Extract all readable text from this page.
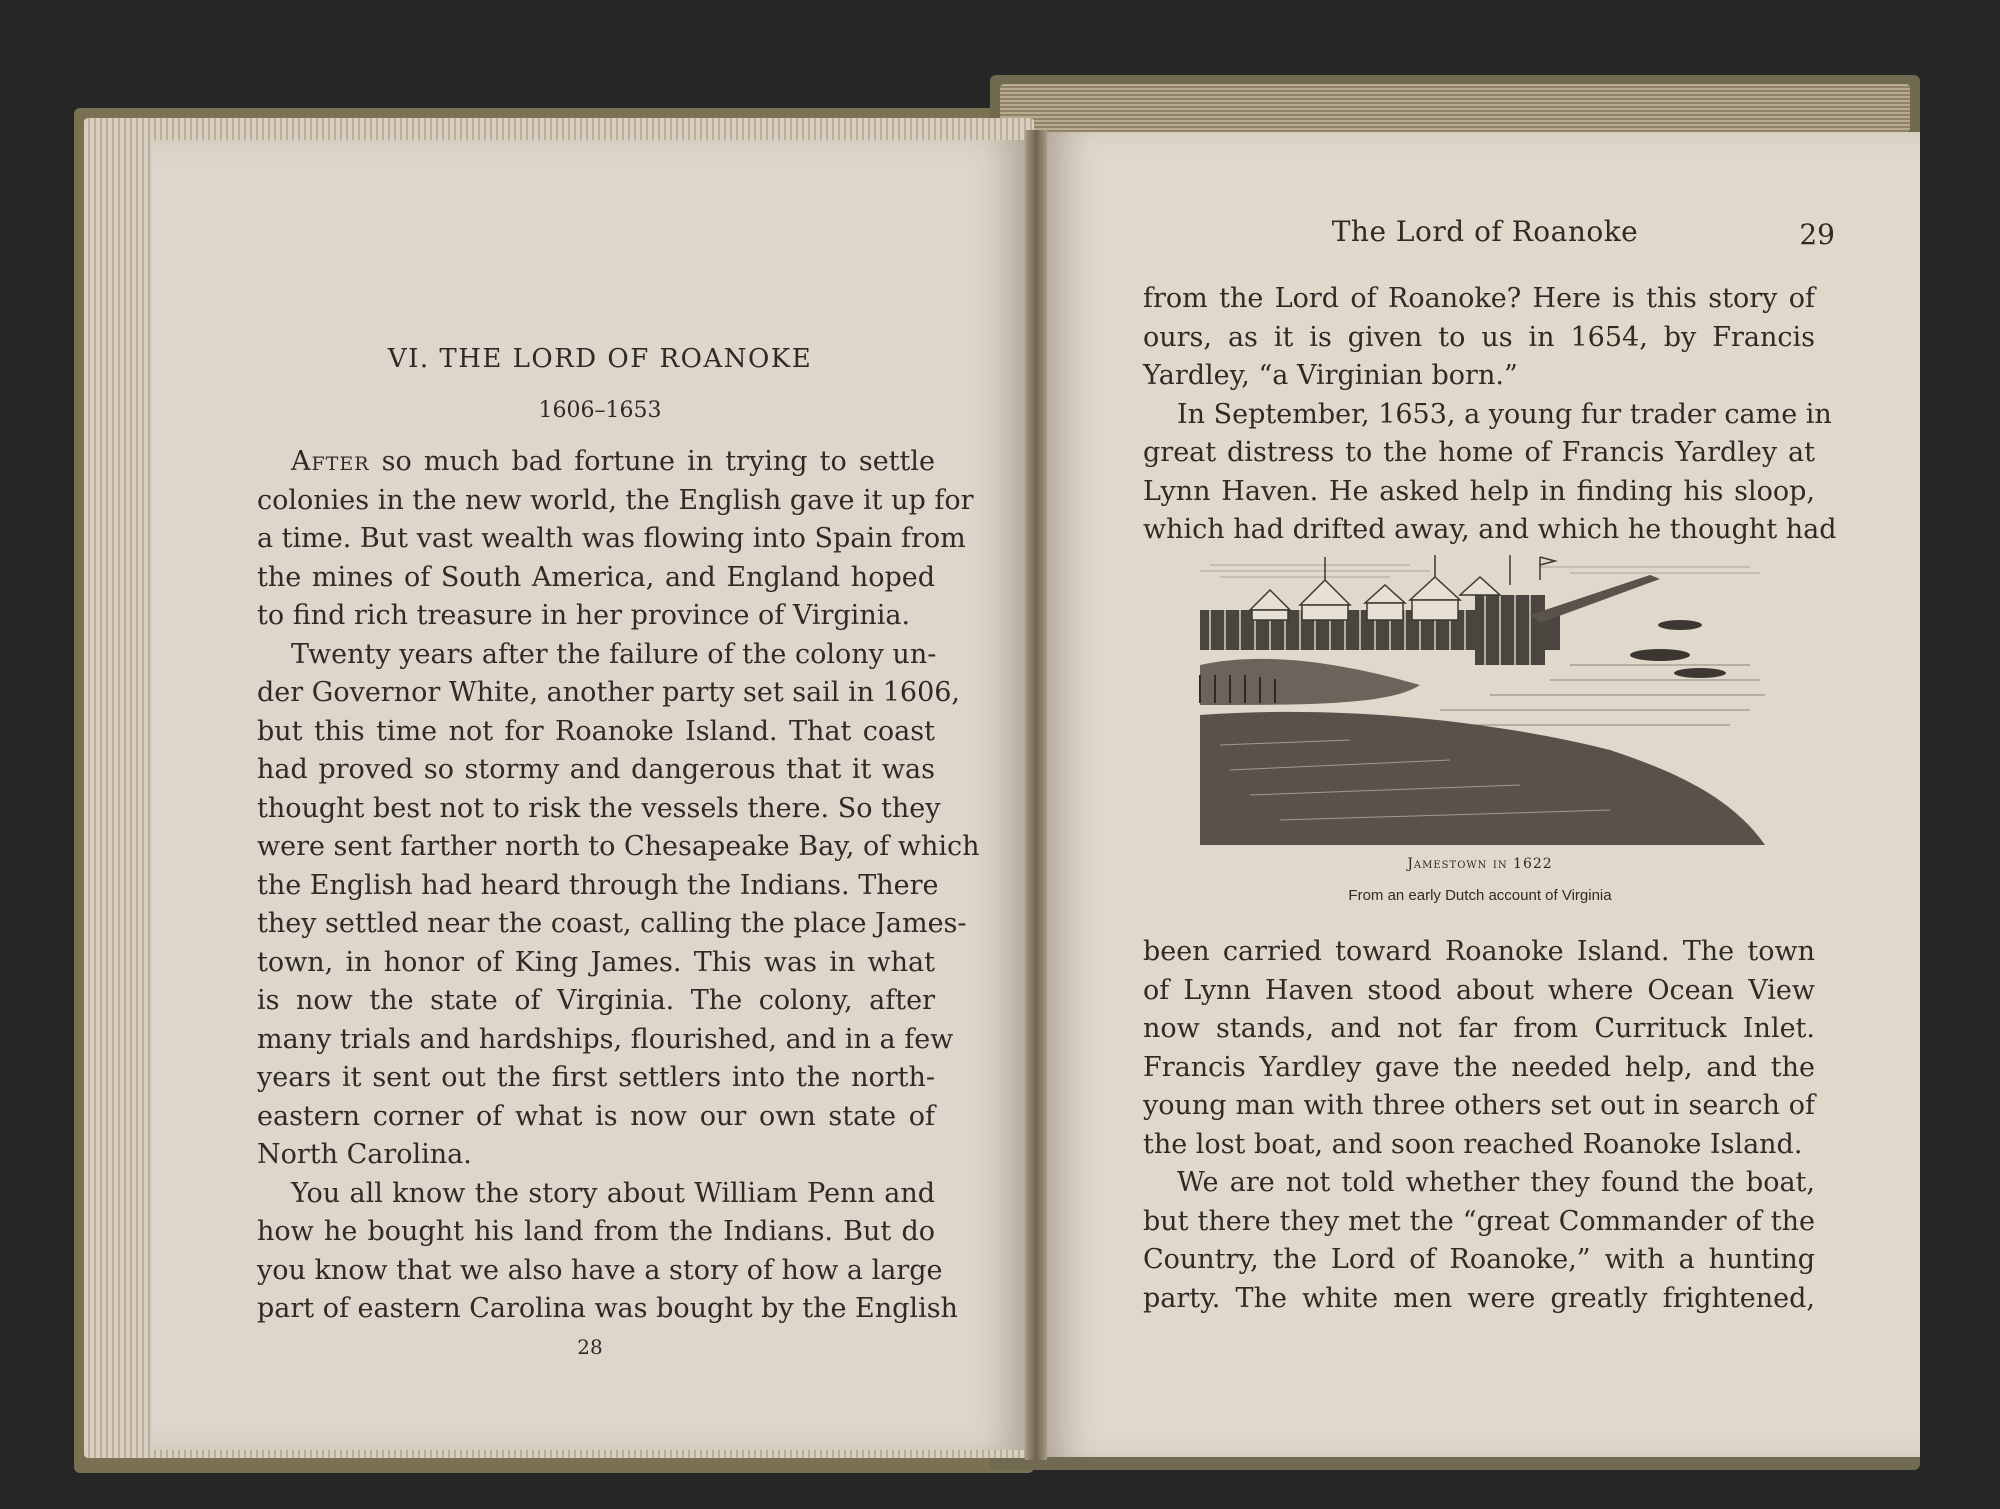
VI. THE LORD OF ROANOKE
1606–1653
After so much bad fortune in trying to settle
colonies in the new world, the English gave it up for
a time. But vast wealth was flowing into Spain from
the mines of South America, and England hoped
to find rich treasure in her province of Virginia.
Twenty years after the failure of the colony un-
der Governor White, another party set sail in 1606,
but this time not for Roanoke Island. That coast
had proved so stormy and dangerous that it was
thought best not to risk the vessels there. So they
were sent farther north to Chesapeake Bay, of which
the English had heard through the Indians. There
they settled near the coast, calling the place James-
town, in honor of King James. This was in what
is now the state of Virginia. The colony, after
many trials and hardships, flourished, and in a few
years it sent out the first settlers into the north-
eastern corner of what is now our own state of
North Carolina.
You all know the story about William Penn and
how he bought his land from the Indians. But do
you know that we also have a story of how a large
part of eastern Carolina was bought by the English
28
The Lord of Roanoke	29
from the Lord of Roanoke? Here is this story of
ours, as it is given to us in 1654, by Francis
Yardley, “a Virginian born.”
In September, 1653, a young fur trader came in
great distress to the home of Francis Yardley at
Lynn Haven. He asked help in finding his sloop,
which had drifted away, and which he thought had
Jamestown in 1622
From an early Dutch account of Virginia
been carried toward Roanoke Island. The town
of Lynn Haven stood about where Ocean View
now stands, and not far from Currituck Inlet.
Francis Yardley gave the needed help, and the
young man with three others set out in search of
the lost boat, and soon reached Roanoke Island.
We are not told whether they found the boat,
but there they met the “great Commander of the
Country, the Lord of Roanoke,” with a hunting
party. The white men were greatly frightened,
